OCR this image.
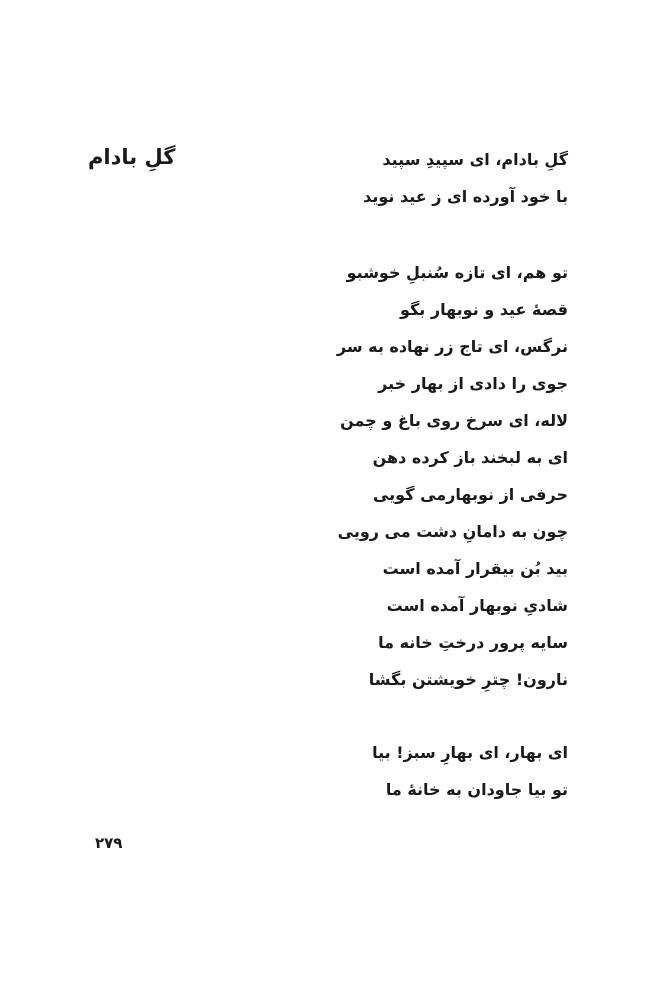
گلِ بادام	گلِ بادام، ای سپیدِ سپید
با خود آورده ای ز عید نوید
تو هم، ای تازه سُنبلِ خوشبو
قصهٔ عید و نوبهار بگو
نرگس، ای تاج زر نهاده به سر
جوی را دادی از بهار خبر
لاله، ای سرخ روی باغ و چمن
ای به لبخند باز کرده دهن
حرفی از نوبهارمی گویی
چون به دامانِ دشت می رویی
بید بُن بیقرار آمده است
شادیِ نوبهار آمده است
سایه پرور درختِ خانه ما
نارون! چترِ خویشتن بگشا
ای بهار، ای بهارِ سبز! بیا
تو بیا جاودان به خانهٔ ما
۲۷۹
